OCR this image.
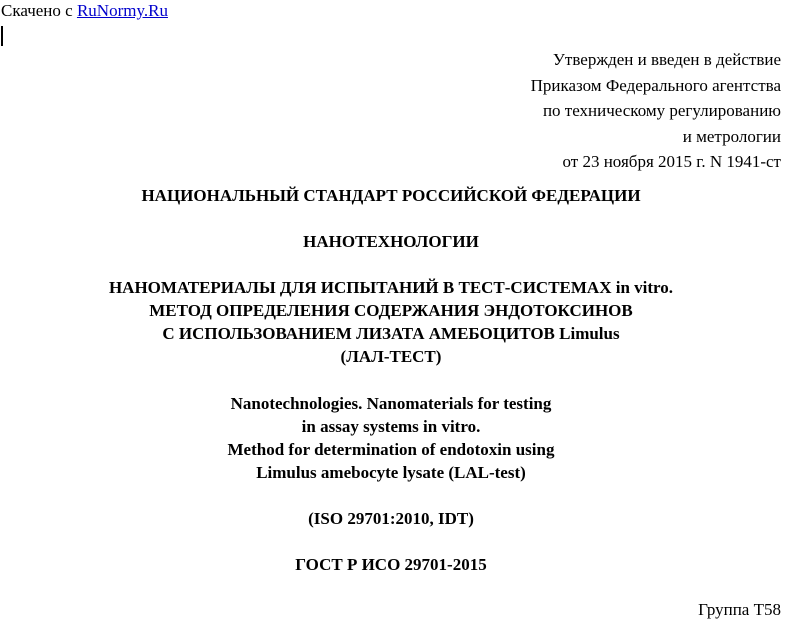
Скачено с RuNormy.Ru
Утвержден и введен в действие
Приказом Федерального агентства
по техническому регулированию
и метрологии
от 23 ноября 2015 г. N 1941-ст
НАЦИОНАЛЬНЫЙ СТАНДАРТ РОССИЙСКОЙ ФЕДЕРАЦИИ
НАНОТЕХНОЛОГИИ
НАНОМАТЕРИАЛЫ ДЛЯ ИСПЫТАНИЙ В ТЕСТ-СИСТЕМАХ in vitro.
МЕТОД ОПРЕДЕЛЕНИЯ СОДЕРЖАНИЯ ЭНДОТОКСИНОВ
С ИСПОЛЬЗОВАНИЕМ ЛИЗАТА АМЕБОЦИТОВ Limulus
(ЛАЛ-ТЕСТ)
Nanotechnologies. Nanomaterials for testing
in assay systems in vitro.
Method for determination of endotoxin using
Limulus amebocyte lysate (LAL-test)
(ISO 29701:2010, IDT)
ГОСТ Р ИСО 29701-2015
Группа Т58
